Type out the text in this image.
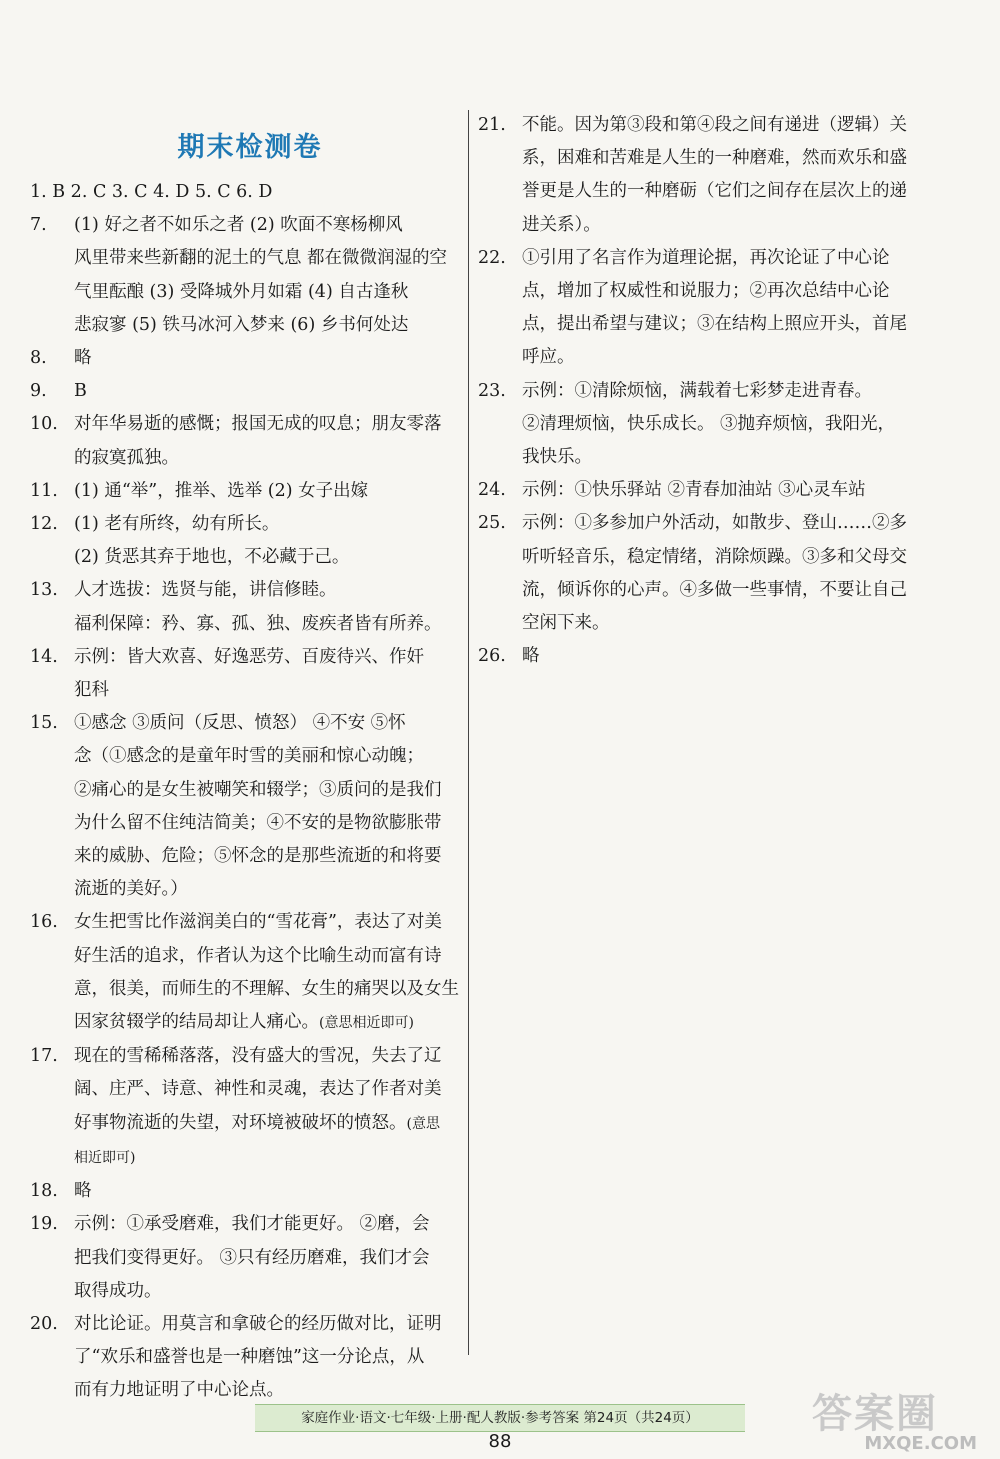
期末检测卷
1. B 2. C 3. C 4. D 5. C 6. D
7. (1) 好之者不如乐之者 (2) 吹面不寒杨柳风
风里带来些新翻的泥土的气息 都在微微润湿的空
气里酝酿 (3) 受降城外月如霜 (4) 自古逢秋
悲寂寥 (5) 铁马冰河入梦来 (6) 乡书何处达
8. 略
9. B
10. 对年华易逝的感慨；报国无成的叹息；朋友零落
的寂寞孤独。
11. (1) 通“举”，推举、选举 (2) 女子出嫁
12. (1) 老有所终，幼有所长。
(2) 货恶其弃于地也，不必藏于己。
13. 人才选拔：选贤与能，讲信修睦。
福利保障：矜、寡、孤、独、废疾者皆有所养。
14. 示例：皆大欢喜、好逸恶劳、百废待兴、作奸
犯科
15. ①感念 ③质问（反思、愤怒） ④不安 ⑤怀
念（①感念的是童年时雪的美丽和惊心动魄；
②痛心的是女生被嘲笑和辍学；③质问的是我们
为什么留不住纯洁简美；④不安的是物欲膨胀带
来的威胁、危险；⑤怀念的是那些流逝的和将要
流逝的美好。）
16. 女生把雪比作滋润美白的“雪花膏”，表达了对美
好生活的追求，作者认为这个比喻生动而富有诗
意，很美，而师生的不理解、女生的痛哭以及女生
因家贫辍学的结局却让人痛心。(意思相近即可)
17. 现在的雪稀稀落落，没有盛大的雪况，失去了辽
阔、庄严、诗意、神性和灵魂，表达了作者对美
好事物流逝的失望，对环境被破坏的愤怒。(意思
相近即可)
18. 略
19. 示例：①承受磨难，我们才能更好。 ②磨，会
把我们变得更好。 ③只有经历磨难，我们才会
取得成功。
20. 对比论证。用莫言和拿破仑的经历做对比，证明
了“欢乐和盛誉也是一种磨蚀”这一分论点，从
而有力地证明了中心论点。
21. 不能。因为第③段和第④段之间有递进（逻辑）关
系，困难和苦难是人生的一种磨难，然而欢乐和盛
誉更是人生的一种磨砺（它们之间存在层次上的递
进关系）。
22. ①引用了名言作为道理论据，再次论证了中心论
点，增加了权威性和说服力；②再次总结中心论
点，提出希望与建议；③在结构上照应开头，首尾
呼应。
23. 示例：①清除烦恼，满载着七彩梦走进青春。
②清理烦恼，快乐成长。 ③抛弃烦恼，我阳光，
我快乐。
24. 示例：①快乐驿站 ②青春加油站 ③心灵车站
25. 示例：①多参加户外活动，如散步、登山……②多
听听轻音乐，稳定情绪，消除烦躁。③多和父母交
流，倾诉你的心声。④多做一些事情，不要让自己
空闲下来。
26. 略
家庭作业·语文·七年级·上册·配人教版·参考答案 第24页（共24页）
88
答案圈
MXQE.COM
